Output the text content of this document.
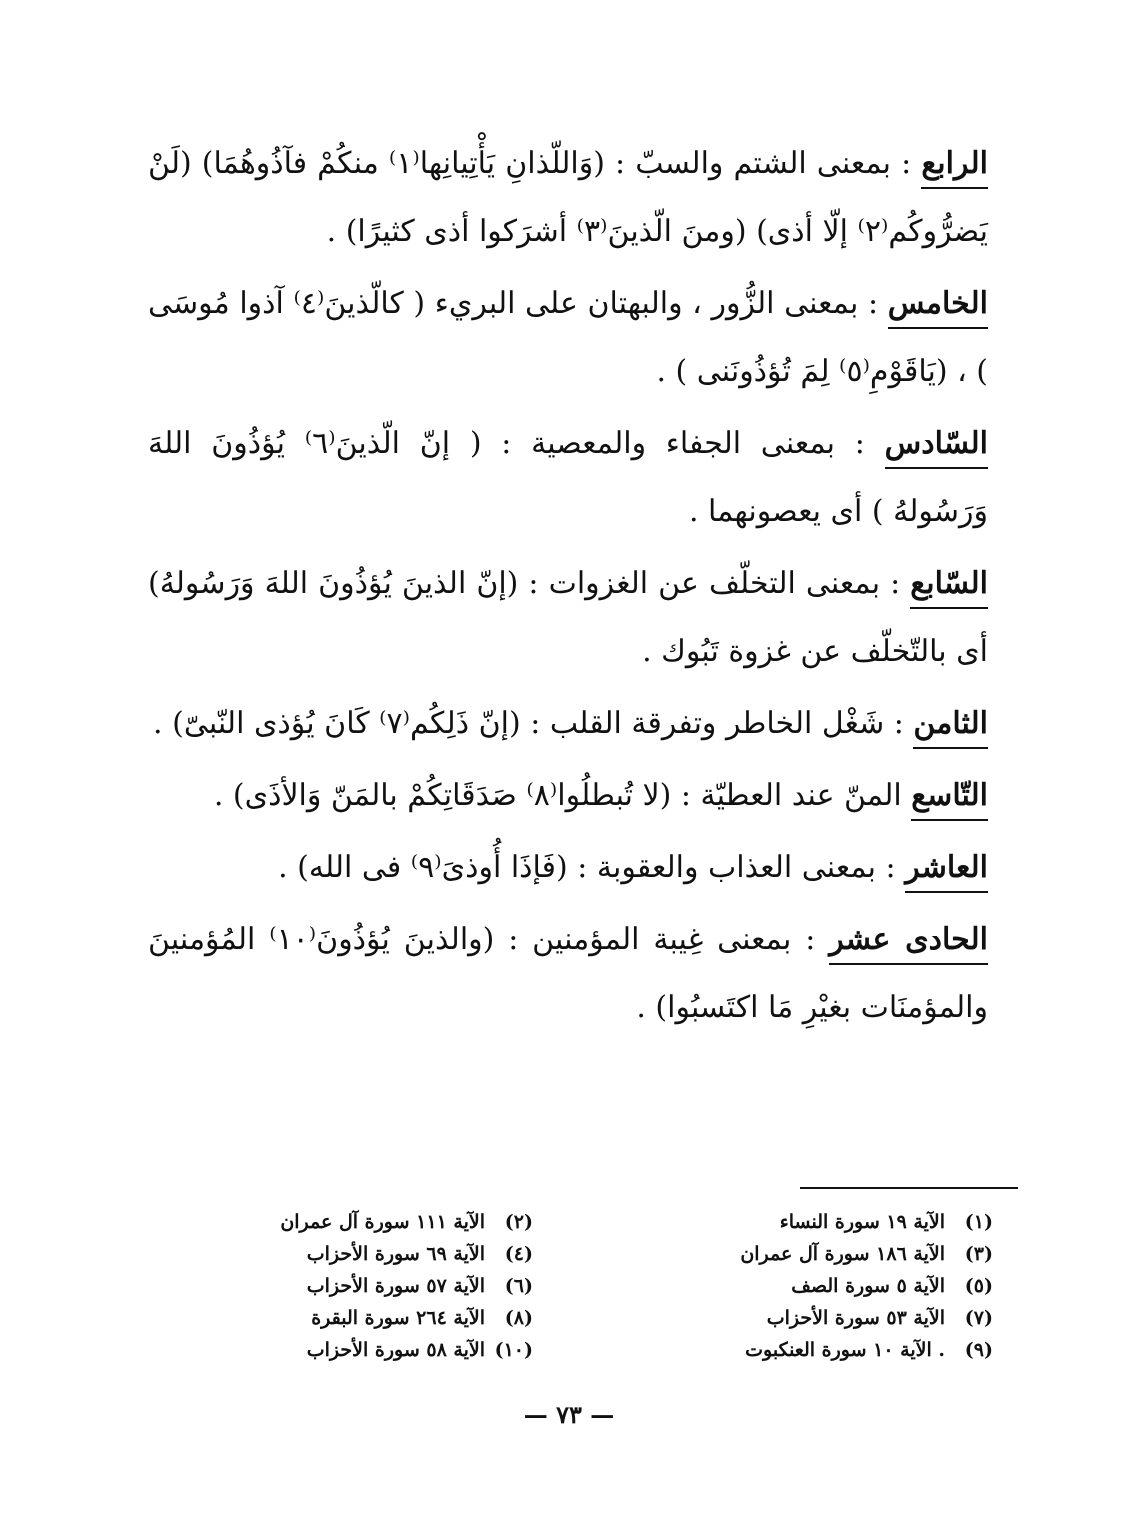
الرابع : بمعنى الشتم والسبّ : (وَاللّذانِ يَأْتِيانِها⁽١⁾ منكُمْ فآذُوهُمَا) (لَنْ يَضرُّوكُم⁽٢⁾ إلّا أذى) (ومنَ الّذينَ⁽٣⁾ أشرَكوا أذى كثيرًا) .

الخامس : بمعنى الزُّور ، والبهتان على البريء ( كالّذينَ⁽٤⁾ آذوا مُوسَى ) ، (يَاقَوْمِ⁽٥⁾ لِمَ تُؤذُونَنى ) .

السّادس : بمعنى الجفاء والمعصية : ( إنّ الّذينَ⁽٦⁾ يُؤذُونَ اللهَ وَرَسُولهُ ) أى يعصونهما .

السّابع : بمعنى التخلّف عن الغزوات : (إنّ الذينَ يُؤذُونَ اللهَ وَرَسُولهُ) أى بالتّخلّف عن غزوة تَبُوك .

الثامن : شَغْل الخاطر وتفرقة القلب : (إنّ ذَلِكُم⁽٧⁾ كَانَ يُؤذى النّبىّ) .

التّاسع المنّ عند العطيّة : (لا تُبطلُوا⁽٨⁾ صَدَقَاتِكُمْ بالمَنّ وَالأذَى) .

العاشر : بمعنى العذاب والعقوبة : (فَإذَا أُوذىَ⁽٩⁾ فى الله) .

الحادى عشر : بمعنى غِيبة المؤمنين : (والذينَ يُؤذُونَ⁽١٠⁾ المُؤمنينَ والمؤمنَات بغيْرِ مَا اكتَسبُوا) .

(١)الآية ١٩ سورة النساء
(٣)الآية ١٨٦ سورة آل عمران
(٥)الآية ٥ سورة الصف
(٧)الآية ٥٣ سورة الأحزاب
(٩). الآية ١٠ سورة العنكبوت
(٢)الآية ١١١ سورة آل عمران
(٤)الآية ٦٩ سورة الأحزاب
(٦)الآية ٥٧ سورة الأحزاب
(٨)الآية ٢٦٤ سورة البقرة
(١٠)الآية ٥٨ سورة الأحزاب
— ٧٣ —
